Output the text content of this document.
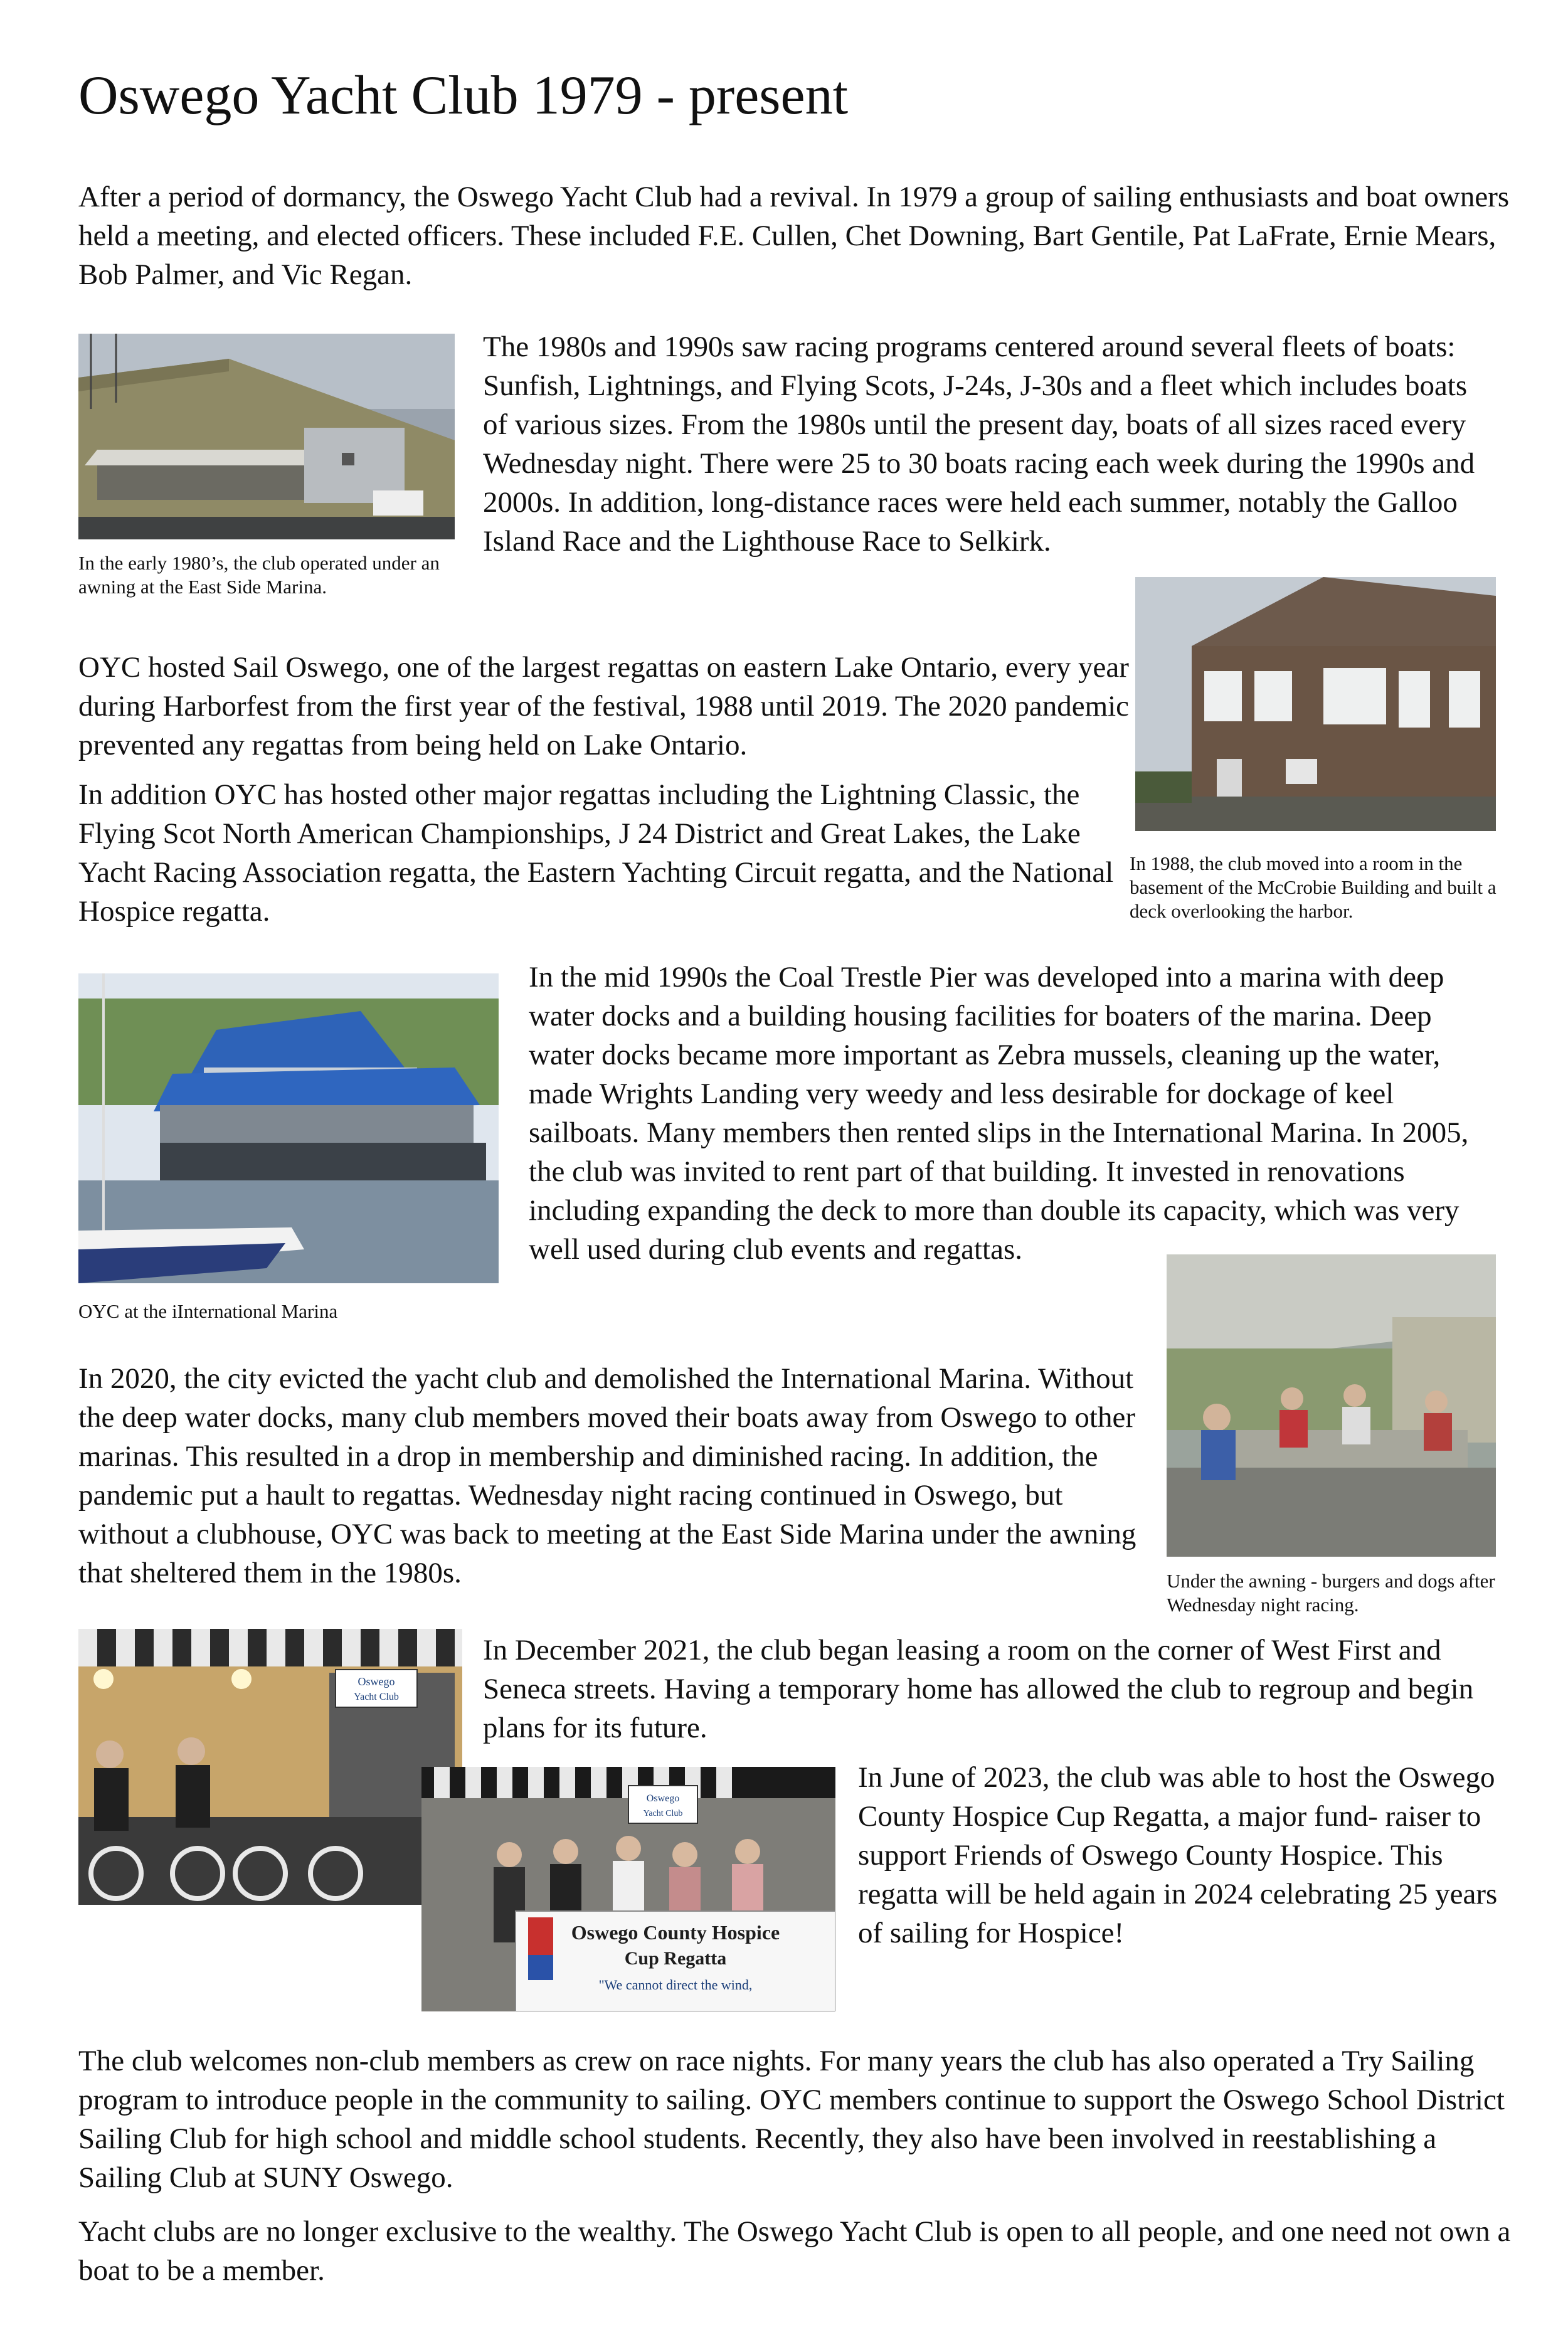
Oswego Yacht Club 1979 - present

After a period of dormancy, the Oswego Yacht Club had a revival. In 1979 a group of sailing enthusiasts and boat owners held a meeting, and elected officers. These included F.E. Cullen, Chet Downing, Bart Gentile, Pat LaFrate, Ernie Mears, Bob Palmer, and Vic Regan.

In the early 1980’s, the club operated under an awning at the East Side Marina.

The 1980s and 1990s saw racing programs centered around several fleets of boats: Sunfish, Lightnings, and Flying Scots, J-24s, J-30s and a fleet which includes boats of various sizes. From the 1980s until the present day, boats of all sizes raced every Wednesday night. There were 25 to 30 boats racing each week during the 1990s and 2000s. In addition, long-distance races were held each summer, notably the Galloo Island Race and the Lighthouse Race to Selkirk.

In 1988, the club moved into a room in the basement of the McCrobie Building and built a deck overlooking the harbor.

OYC hosted Sail Oswego, one of the largest regattas on eastern Lake Ontario, every year during Harborfest from the first year of the festival, 1988 until 2019. The 2020 pandemic prevented any regattas from being held on Lake Ontario.

In addition OYC has hosted other major regattas including the Lightning Classic, the Flying Scot North American Championships, J 24 District and Great Lakes, the Lake Yacht Racing Association regatta, the Eastern Yachting Circuit regatta, and the National Hospice regatta.

OYC at the iInternational Marina

In the mid 1990s the Coal Trestle Pier was developed into a marina with deep water docks and a building housing facilities for boaters of the marina. Deep water docks became more important as Zebra mussels, cleaning up the water, made Wrights Landing very weedy and less desirable for dockage of keel sailboats. Many members then rented slips in the International Marina. In 2005, the club was invited to rent part of that building. It invested in renovations including expanding the deck to more than double its capacity, which was very well used during club events and regattas.

Under the awning - burgers and dogs after Wednesday night racing.

In 2020, the city evicted the yacht club and demolished the International Marina. Without the deep water docks, many club members moved their boats away from Oswego to other marinas. This resulted in a drop in membership and diminished racing. In addition, the pandemic put a hault to regattas. Wednesday night racing continued in Oswego, but without a clubhouse, OYC was back to meeting at the East Side Marina under the awning that sheltered them in the 1980s.

Oswego
Yacht Club
Oswego
Yacht Club
Oswego County Hospice
Cup Regatta
"We cannot direct the wind,

In December 2021, the club began leasing a room on the corner of West First and Seneca streets. Having a temporary home has allowed the club to regroup and begin plans for its future.

In June of 2023, the club was able to host the Oswego County Hospice Cup Regatta, a major fund- raiser to support Friends of Oswego County Hospice. This regatta will be held again in 2024 celebrating 25 years of sailing for Hospice!

The club welcomes non-club members as crew on race nights. For many years the club has also operated a Try Sailing program to introduce people in the community to sailing. OYC members continue to support the Oswego School District Sailing Club for high school and middle school students. Recently, they also have been involved in reestablishing a Sailing Club at SUNY Oswego.

Yacht clubs are no longer exclusive to the wealthy. The Oswego Yacht Club is open to all people, and one need not own a boat to be a member.
